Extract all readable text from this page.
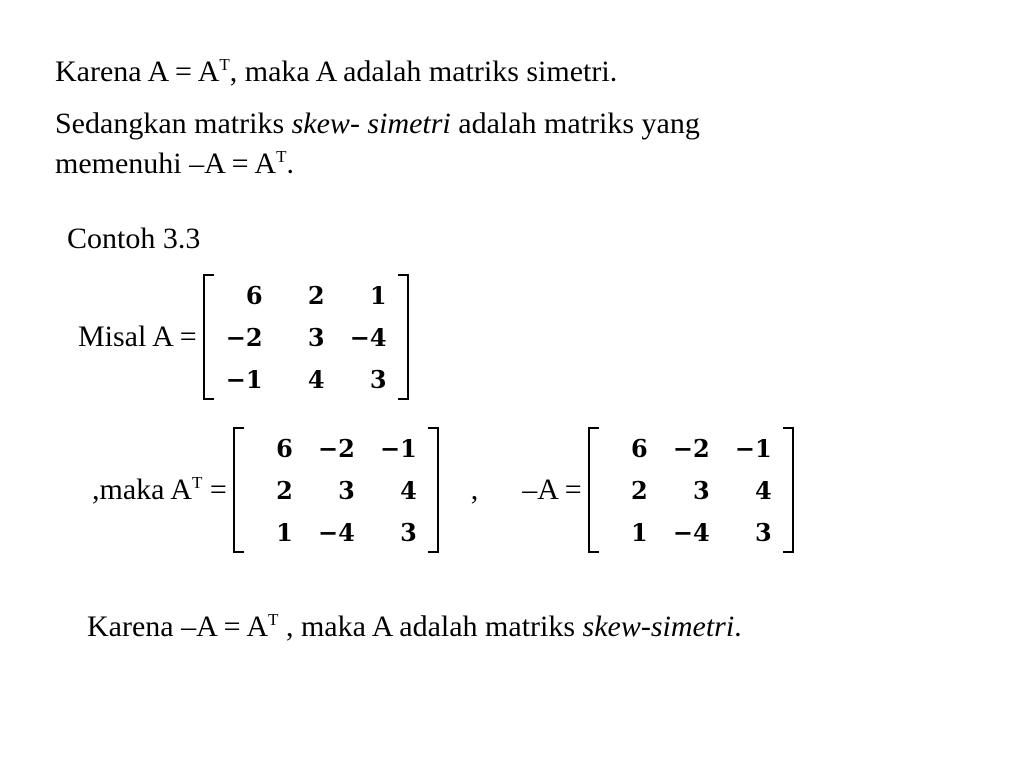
Karena $A = A^T$, maka A adalah matriks simetri.
Sedangkan matriks skew- simetri adalah matriks yang
memenuhi $-A = A^T$.
Contoh 3.3
Misal A =
6	2	1
−2	3	−4
−1	4	3
,maka $A^T$ =
6	−2	−1
2	3	4
1	−4	3
, –A =
6	−2	−1
2	3	4
1	−4	3
Karena $-A = A^T$ , maka A adalah matriks skew-simetri.
